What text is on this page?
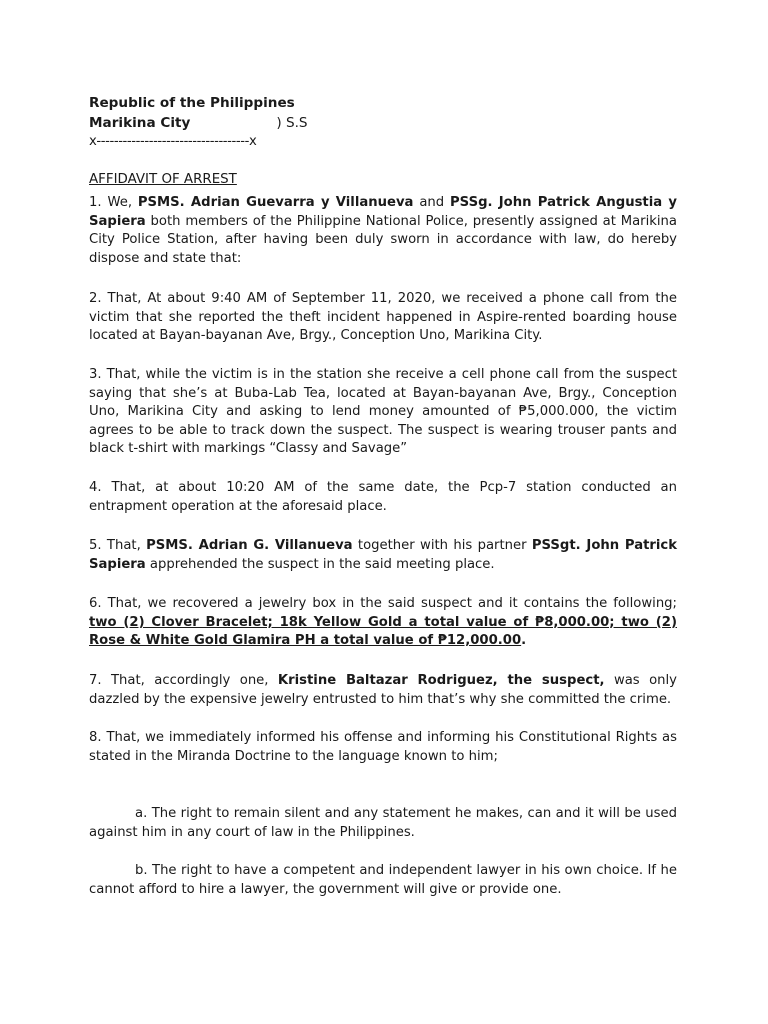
Republic of the Philippines
Marikina City	) S.S
x-----------------------------------x
AFFIDAVIT OF ARREST

1. We, PSMS. Adrian Guevarra y Villanueva and PSSg. John Patrick Angustia y Sapiera both members of the Philippine National Police, presently assigned at Marikina City Police Station, after having been duly sworn in accordance with law, do hereby dispose and state that:

2. That, At about 9:40 AM of September 11, 2020, we received a phone call from the victim that she reported the theft incident happened in Aspire-rented boarding house located at Bayan-bayanan Ave, Brgy., Conception Uno, Marikina City.

3. That, while the victim is in the station she receive a cell phone call from the suspect saying that she’s at Buba-Lab Tea, located at Bayan-bayanan Ave, Brgy., Conception Uno, Marikina City and asking to lend money amounted of ₱5,000.000, the victim agrees to be able to track down the suspect. The suspect is wearing trouser pants and black t-shirt with markings “Classy and Savage”

4. That, at about 10:20 AM of the same date, the Pcp-7 station conducted an entrapment operation at the aforesaid place.

5. That, PSMS. Adrian G. Villanueva together with his partner PSSgt. John Patrick Sapiera apprehended the suspect in the said meeting place.

6. That, we recovered a jewelry box in the said suspect and it contains the following; two (2) Clover Bracelet; 18k Yellow Gold a total value of ₱8,000.00; two (2) Rose & White Gold Glamira PH a total value of ₱12,000.00.

7. That, accordingly one, Kristine Baltazar Rodriguez, the suspect, was only dazzled by the expensive jewelry entrusted to him that’s why she committed the crime.

8. That, we immediately informed his offense and informing his Constitutional Rights as stated in the Miranda Doctrine to the language known to him;

a. The right to remain silent and any statement he makes, can and it will be used against him in any court of law in the Philippines.

b. The right to have a competent and independent lawyer in his own choice. If he cannot afford to hire a lawyer, the government will give or provide one.
